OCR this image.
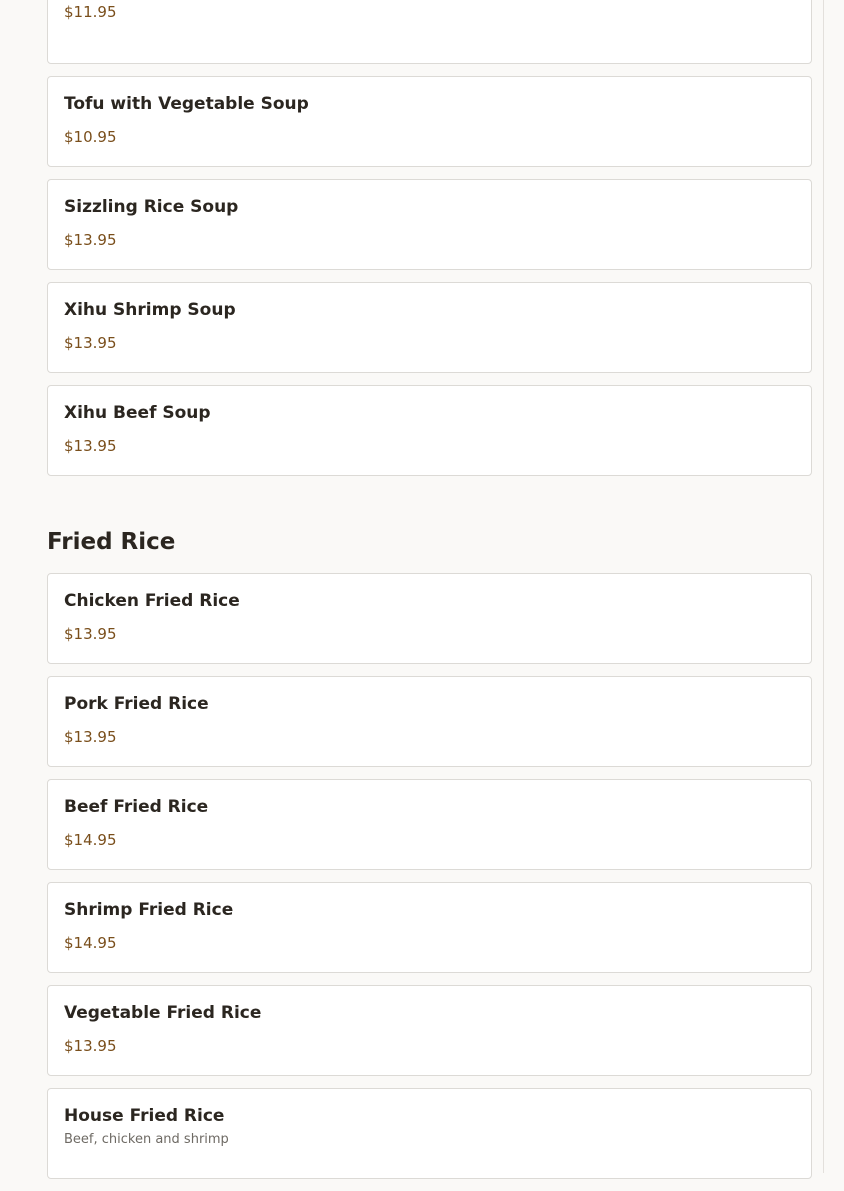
$11.95
Tofu with Vegetable Soup
$10.95
Sizzling Rice Soup
$13.95
Xihu Shrimp Soup
$13.95
Xihu Beef Soup
$13.95
Fried Rice
Chicken Fried Rice
$13.95
Pork Fried Rice
$13.95
Beef Fried Rice
$14.95
Shrimp Fried Rice
$14.95
Vegetable Fried Rice
$13.95
House Fried Rice
Beef, chicken and shrimp
